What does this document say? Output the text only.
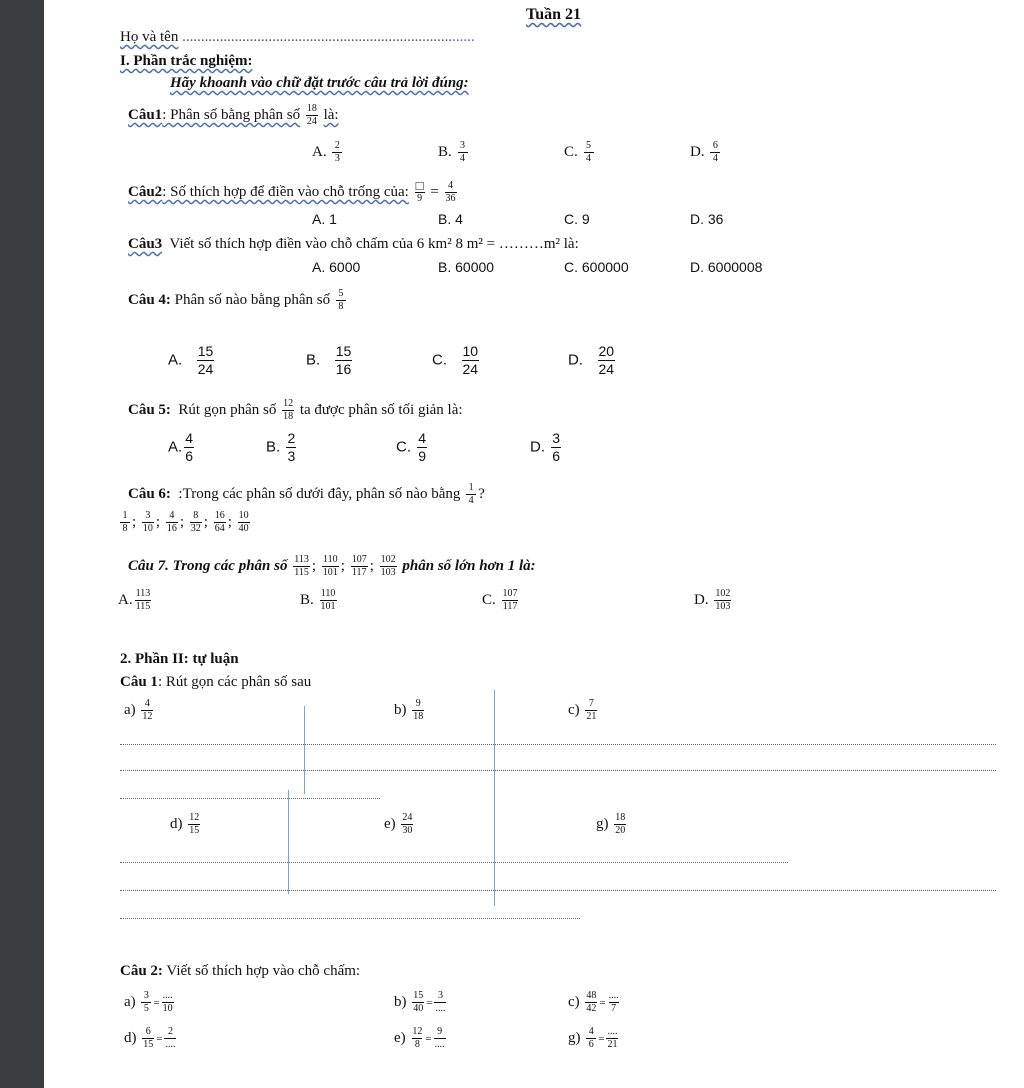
Tuần 21
Họ và tên ..............................................................................
I. Phần trắc nghiệm:
Hãy khoanh vào chữ đặt trước câu trả lời đúng:
Câu1: Phân số bằng phân số $\frac{18}{24}$ là:
A. $\frac{2}{3}$	B. $\frac{3}{4}$	C. $\frac{5}{4}$	D. $\frac{6}{4}$
Câu2: Số thích hợp để điền vào chỗ trống của: $\frac{□}{9} = \frac{4}{36}$
A. 1	B. 4	C. 9	D. 36
Câu3 Viết số thích hợp điền vào chỗ chấm của 6 km² 8 m² = ………m² là:
A. 6000	B. 60000	C. 600000	D. 6000008
Câu 4: Phân số nào bằng phân số $\frac{5}{8}$
A. $\frac{15}{24}$	B. $\frac{15}{16}$	C. $\frac{10}{24}$	D. $\frac{20}{24}$
Câu 5: Rút gọn phân số $\frac{12}{18}$ ta được phân số tối giản là:
A. $\frac{4}{6}$	B. $\frac{2}{3}$	C. $\frac{4}{9}$	D. $\frac{3}{6}$
Câu 6: :Trong các phân số dưới đây, phân số nào bằng $\frac{1}{4}$ ?
$\frac{1}{8}$ ; $\frac{3}{10}$ ; $\frac{4}{16}$ ; $\frac{8}{32}$ ; $\frac{16}{64}$ ; $\frac{10}{40}$
Câu 7. Trong các phân số $\frac{113}{115}$ ; $\frac{110}{101}$ ; $\frac{107}{117}$ ; $\frac{102}{103}$ phân số lớn hơn 1 là:
A. $\frac{113}{115}$	B. $\frac{110}{101}$	C. $\frac{107}{117}$	D. $\frac{102}{103}$
2. Phần II: tự luận
Câu 1: Rút gọn các phân số sau
$a) \frac{4}{12}$	$b) \frac{9}{18}$	$c) \frac{7}{21}$
$d) \frac{12}{15}$	$e) \frac{24}{30}$	$g) \frac{18}{20}$
Câu 2: Viết số thích hợp vào chỗ chấm:
$a) \frac{3}{5} = \frac{....}{10}$	$b) \frac{15}{40} = \frac{3}{....}$	$c) \frac{48}{42} = \frac{....}{7}$
$d) \frac{6}{15} = \frac{2}{....}$	$e) \frac{12}{8} = \frac{9}{....}$	$g) \frac{4}{6} = \frac{....}{21}$
